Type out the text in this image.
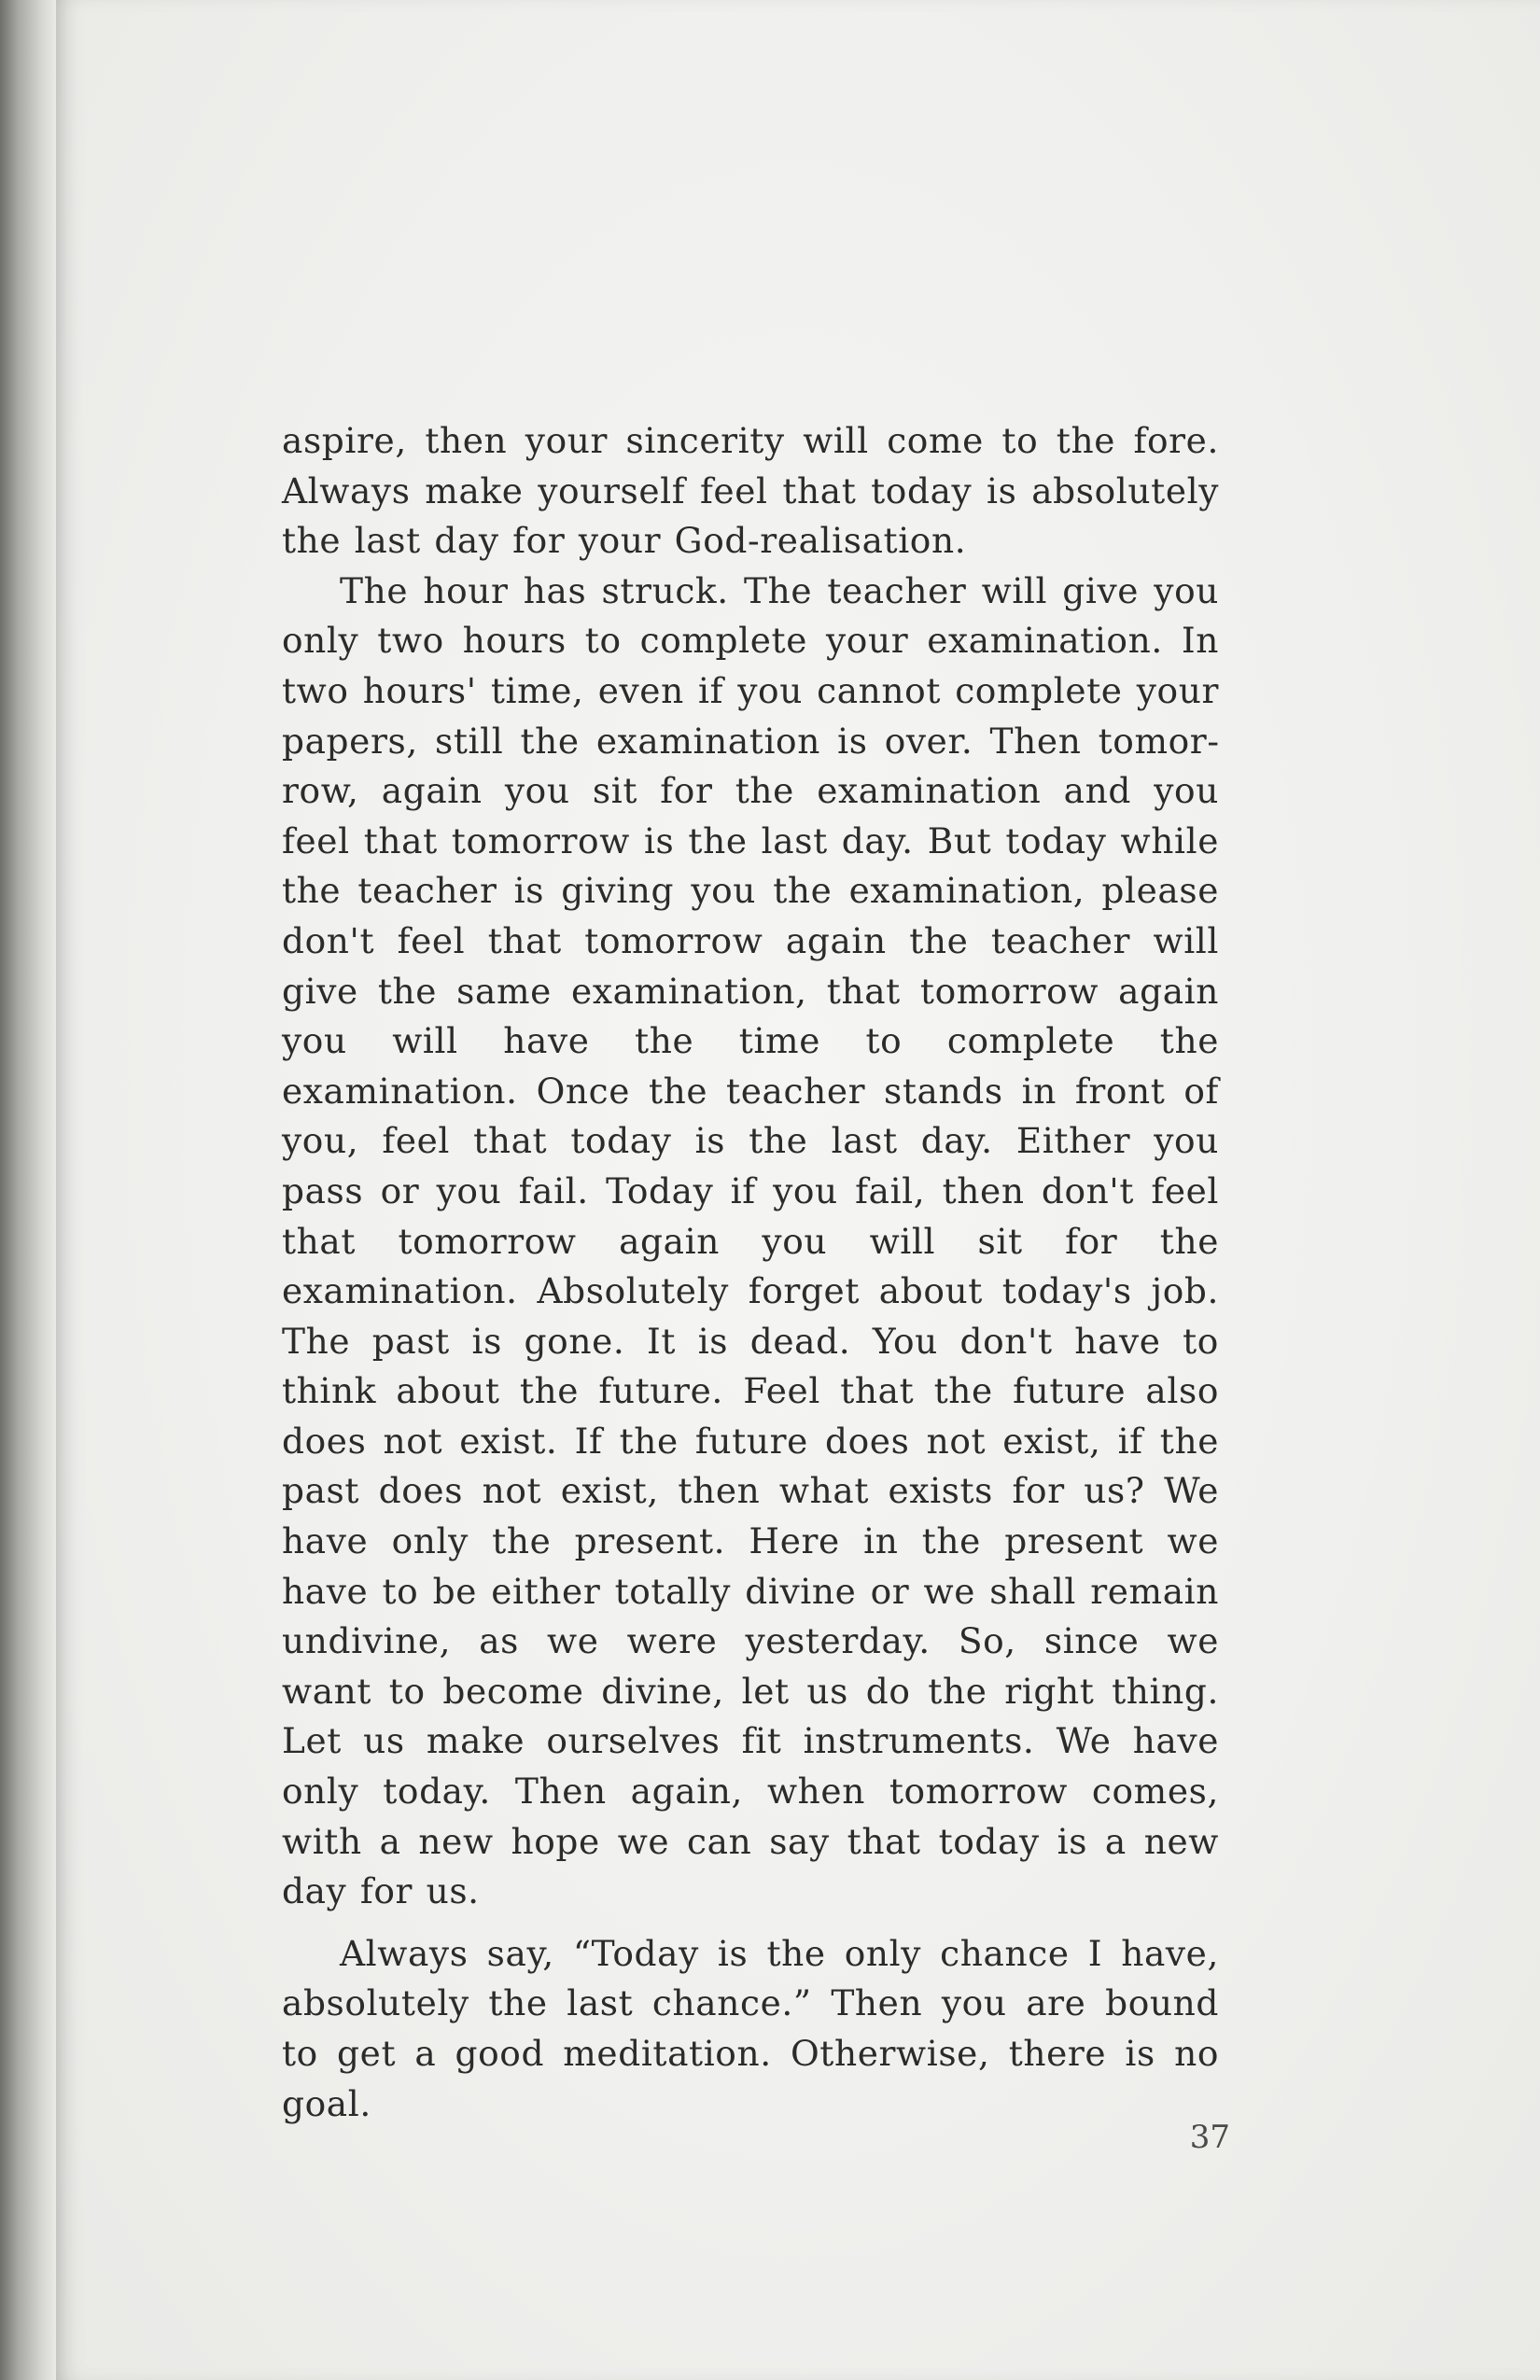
aspire, then your sincerity will come to the fore. Always make yourself feel that today is absolutely the last day for your God-realisation.

The hour has struck. The teacher will give you only two hours to complete your examination. In two hours' time, even if you cannot complete your papers, still the examination is over. Then tomorrow, again you sit for the examination and you feel that tomorrow is the last day. But today while the teacher is giving you the examination, please don't feel that tomorrow again the teacher will give the same examination, that tomorrow again you will have the time to complete the examination. Once the teacher stands in front of you, feel that today is the last day. Either you pass or you fail. Today if you fail, then don't feel that tomorrow again you will sit for the examination. Absolutely forget about today's job. The past is gone. It is dead. You don't have to think about the future. Feel that the future also does not exist. If the future does not exist, if the past does not exist, then what exists for us? We have only the present. Here in the present we have to be either totally divine or we shall remain undivine, as we were yesterday. So, since we want to become divine, let us do the right thing. Let us make ourselves fit instruments. We have only today. Then again, when tomorrow comes, with a new hope we can say that today is a new day for us.

Always say, “Today is the only chance I have, absolutely the last chance.” Then you are bound to get a good meditation. Otherwise, there is no goal.

37
